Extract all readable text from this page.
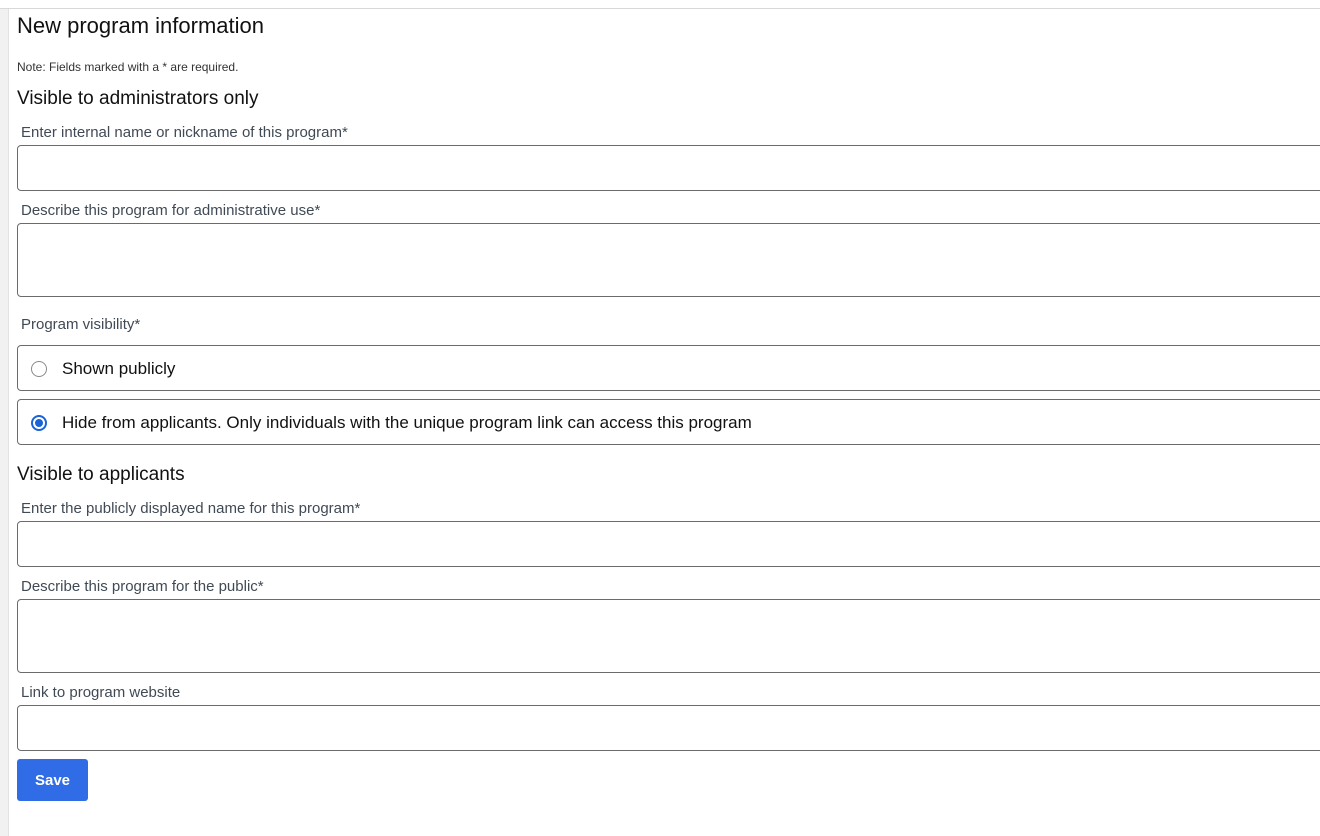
New program information
Note: Fields marked with a * are required.
Visible to administrators only
Enter internal name or nickname of this program*
Describe this program for administrative use*
Program visibility*
Shown publicly
Hide from applicants. Only individuals with the unique program link can access this program
Visible to applicants
Enter the publicly displayed name for this program*
Describe this program for the public*
Link to program website
Save
